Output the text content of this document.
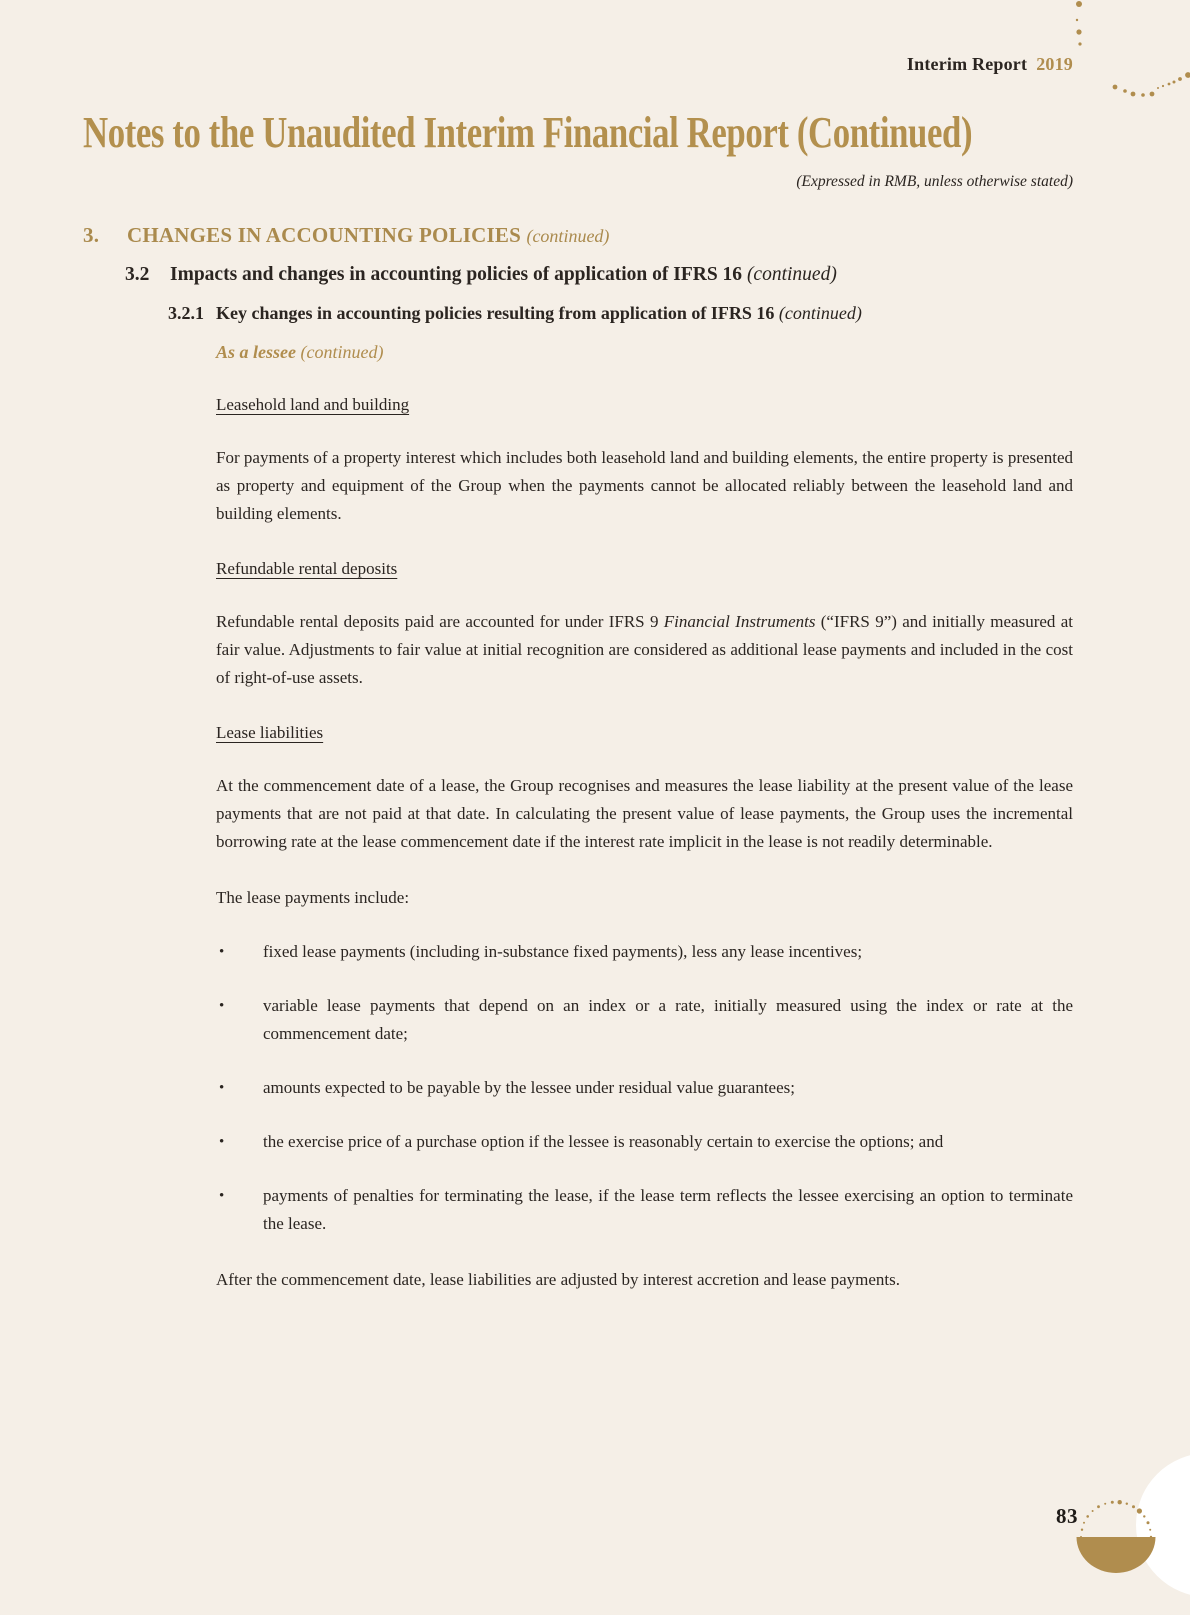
Interim Report 2019
Notes to the Unaudited Interim Financial Report (Continued)
(Expressed in RMB, unless otherwise stated)
3.	CHANGES IN ACCOUNTING POLICIES (continued)
3.2	Impacts and changes in accounting policies of application of IFRS 16 (continued)
3.2.1 Key changes in accounting policies resulting from application of IFRS 16 (continued)
As a lessee (continued)
Leasehold land and building

For payments of a property interest which includes both leasehold land and building elements, the entire property is presented as property and equipment of the Group when the payments cannot be allocated reliably between the leasehold land and building elements.

Refundable rental deposits

Refundable rental deposits paid are accounted for under IFRS 9 Financial Instruments (“IFRS 9”) and initially measured at fair value. Adjustments to fair value at initial recognition are considered as additional lease payments and included in the cost of right-of-use assets.

Lease liabilities

At the commencement date of a lease, the Group recognises and measures the lease liability at the present value of the lease payments that are not paid at that date. In calculating the present value of lease payments, the Group uses the incremental borrowing rate at the lease commencement date if the interest rate implicit in the lease is not readily determinable.

The lease payments include:

•	fixed lease payments (including in-substance fixed payments), less any lease incentives;

•	variable lease payments that depend on an index or a rate, initially measured using the index or rate at the commencement date;

•	amounts expected to be payable by the lessee under residual value guarantees;

•	the exercise price of a purchase option if the lessee is reasonably certain to exercise the options; and

•	payments of penalties for terminating the lease, if the lease term reflects the lessee exercising an option to terminate the lease.

After the commencement date, lease liabilities are adjusted by interest accretion and lease payments.

83
